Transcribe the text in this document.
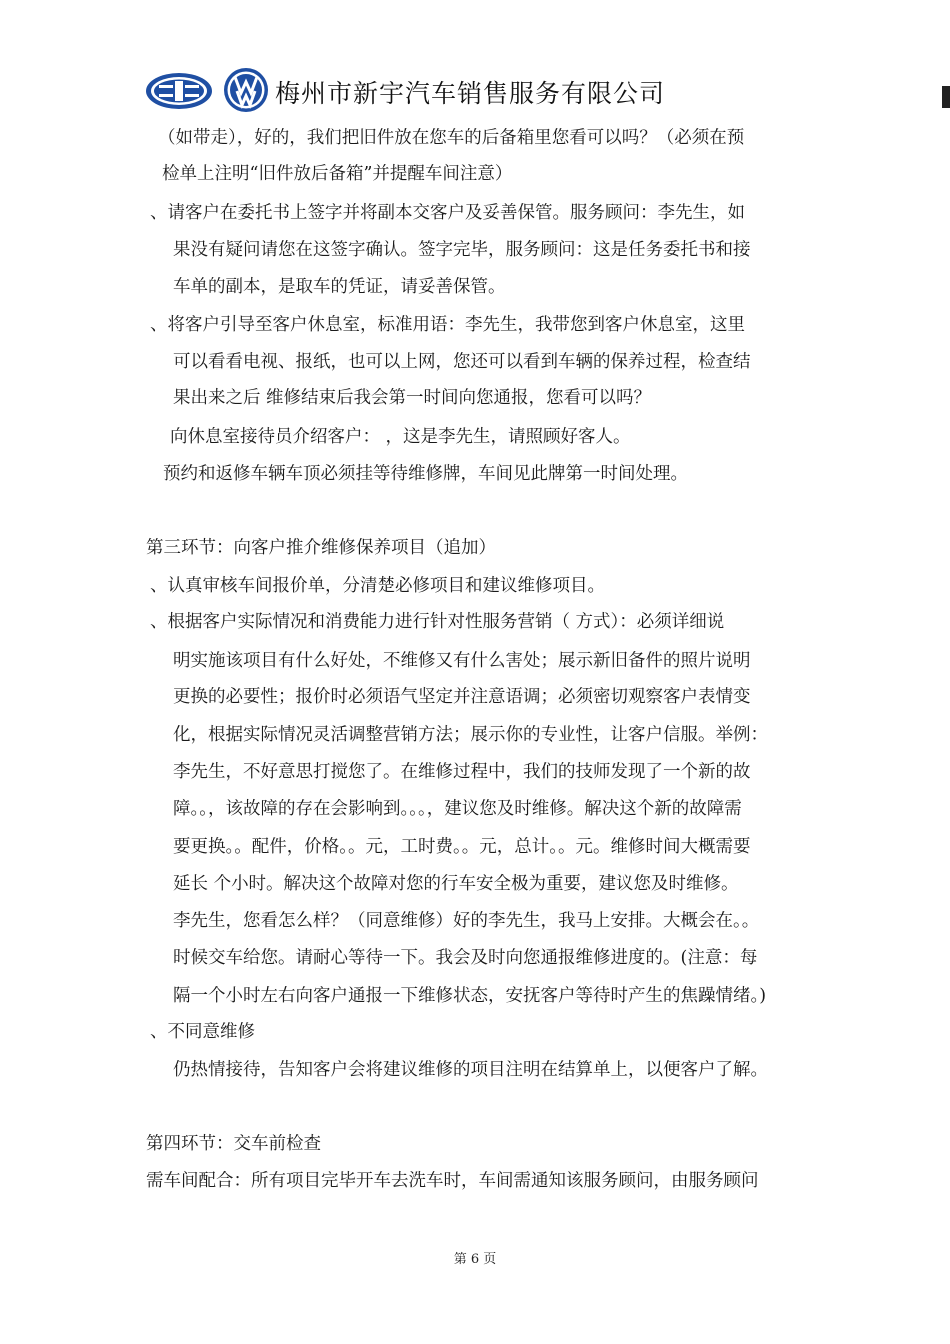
梅州市新宇汽车销售服务有限公司
（如带走），好的，我们把旧件放在您车的后备箱里您看可以吗？（必须在预
检单上注明“旧件放后备箱”并提醒车间注意）
、请客户在委托书上签字并将副本交客户及妥善保管。服务顾问：李先生，如
果没有疑问请您在这签字确认。签字完毕，服务顾问：这是任务委托书和接
车单的副本，是取车的凭证，请妥善保管。
、将客户引导至客户休息室，标准用语：李先生，我带您到客户休息室，这里
可以看看电视、报纸，也可以上网，您还可以看到车辆的保养过程，检查结
果出来之后 维修结束后我会第一时间向您通报，您看可以吗？
向休息室接待员介绍客户： ，这是李先生，请照顾好客人。
预约和返修车辆车顶必须挂等待维修牌，车间见此牌第一时间处理。
第三环节：向客户推介维修保养项目（追加）
、认真审核车间报价单，分清楚必修项目和建议维修项目。
、根据客户实际情况和消费能力进行针对性服务营销（ 方式）：必须详细说
明实施该项目有什么好处，不维修又有什么害处；展示新旧备件的照片说明
更换的必要性；报价时必须语气坚定并注意语调；必须密切观察客户表情变
化，根据实际情况灵活调整营销方法；展示你的专业性，让客户信服。举例：
李先生，不好意思打搅您了。在维修过程中，我们的技师发现了一个新的故
障。。，该故障的存在会影响到。。。，建议您及时维修。解决这个新的故障需
要更换。。配件，价格。。元，工时费。。元，总计。。元。维修时间大概需要
延长 个小时。解决这个故障对您的行车安全极为重要，建议您及时维修。
李先生，您看怎么样？（同意维修）好的李先生，我马上安排。大概会在。。
时候交车给您。请耐心等待一下。我会及时向您通报维修进度的。(注意：每
隔一个小时左右向客户通报一下维修状态，安抚客户等待时产生的焦躁情绪。)
、不同意维修
仍热情接待，告知客户会将建议维修的项目注明在结算单上，以便客户了解。
第四环节：交车前检查
需车间配合：所有项目完毕开车去洗车时，车间需通知该服务顾问，由服务顾问
第 6 页
